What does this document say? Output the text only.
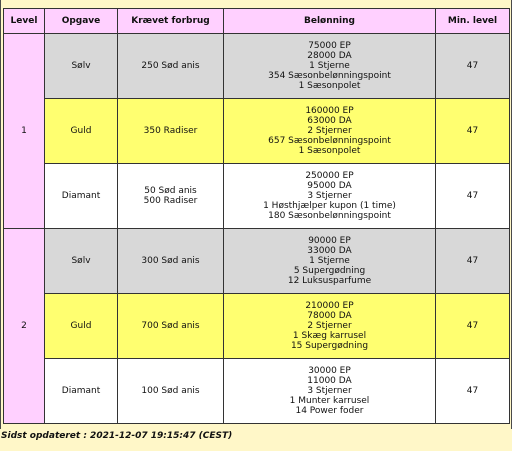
Level	Opgave	Krævet forbrug	Belønning	Min. level
1	Sølv	250 Sød anis	75000 EP
28000 DA
1 Stjerne
354 Sæsonbelønningspoint
1 Sæsonpolet	47
	Guld	350 Radiser	160000 EP
63000 DA
2 Stjerner
657 Sæsonbelønningspoint
1 Sæsonpolet	47
	Diamant	50 Sød anis
500 Radiser	250000 EP
95000 DA
3 Stjerner
1 Høsthjælper kupon (1 time)
180 Sæsonbelønningspoint	47
2	Sølv	300 Sød anis	90000 EP
33000 DA
1 Stjerne
5 Supergødning
12 Luksusparfume	47
	Guld	700 Sød anis	210000 EP
78000 DA
2 Stjerner
1 Skæg karrusel
15 Supergødning	47
	Diamant	100 Sød anis	30000 EP
11000 DA
3 Stjerner
1 Munter karrusel
14 Power foder	47
Sidst opdateret : 2021-12-07 19:15:47 (CEST)
